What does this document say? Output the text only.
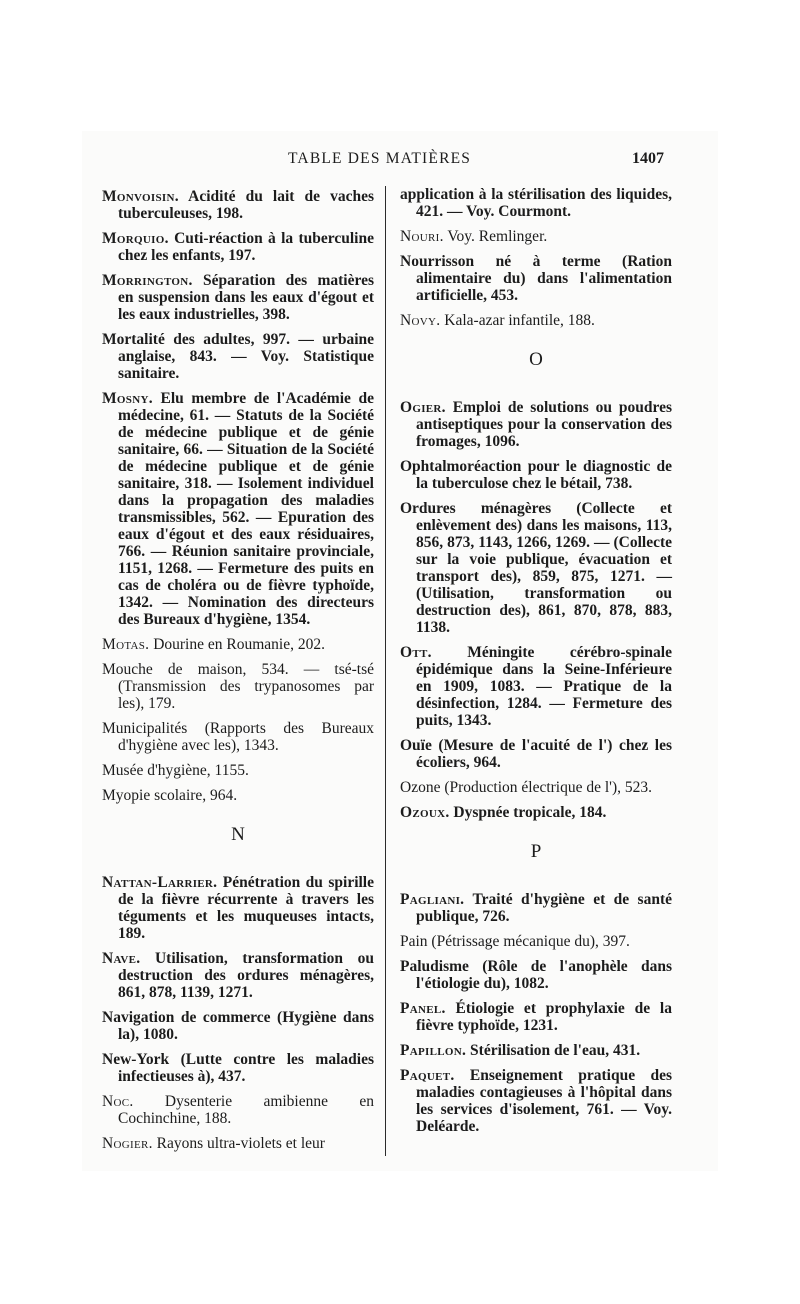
TABLE DES MATIÈRES	1407
Monvoisin. Acidité du lait de vaches tuberculeuses, 198.
Morquio. Cuti-réaction à la tuberculine chez les enfants, 197.
Morrington. Séparation des matières en suspension dans les eaux d'égout et les eaux industrielles, 398.
Mortalité des adultes, 997. — urbaine anglaise, 843. — Voy. Statistique sanitaire.
Mosny. Elu membre de l'Académie de médecine, 61. — Statuts de la Société de médecine publique et de génie sanitaire, 66. — Situation de la Société de médecine publique et de génie sanitaire, 318. — Isolement individuel dans la propagation des maladies transmissibles, 562. — Epuration des eaux d'égout et des eaux résiduaires, 766. — Réunion sanitaire provinciale, 1151, 1268. — Fermeture des puits en cas de choléra ou de fièvre typhoïde, 1342. — Nomination des directeurs des Bureaux d'hygiène, 1354.
Motas. Dourine en Roumanie, 202.
Mouche de maison, 534. — tsé-tsé (Transmission des trypanosomes par les), 179.
Municipalités (Rapports des Bureaux d'hygiène avec les), 1343.
Musée d'hygiène, 1155.
Myopie scolaire, 964.
N
Nattan-Larrier. Pénétration du spirille de la fièvre récurrente à travers les téguments et les muqueuses intacts, 189.
Nave. Utilisation, transformation ou destruction des ordures ménagères, 861, 878, 1139, 1271.
Navigation de commerce (Hygiène dans la), 1080.
New-York (Lutte contre les maladies infectieuses à), 437.
Noc. Dysenterie amibienne en Cochinchine, 188.
Nogier. Rayons ultra-violets et leur
application à la stérilisation des liquides, 421. — Voy. Courmont.
Nouri. Voy. Remlinger.
Nourrisson né à terme (Ration alimentaire du) dans l'alimentation artificielle, 453.
Novy. Kala-azar infantile, 188.
O
Ogier. Emploi de solutions ou poudres antiseptiques pour la conservation des fromages, 1096.
Ophtalmoréaction pour le diagnostic de la tuberculose chez le bétail, 738.
Ordures ménagères (Collecte et enlèvement des) dans les maisons, 113, 856, 873, 1143, 1266, 1269. — (Collecte sur la voie publique, évacuation et transport des), 859, 875, 1271. — (Utilisation, transformation ou destruction des), 861, 870, 878, 883, 1138.
Ott. Méningite cérébro-spinale épidémique dans la Seine-Inférieure en 1909, 1083. — Pratique de la désinfection, 1284. — Fermeture des puits, 1343.
Ouïe (Mesure de l'acuité de l') chez les écoliers, 964.
Ozone (Production électrique de l'), 523.
Ozoux. Dyspnée tropicale, 184.
P
Pagliani. Traité d'hygiène et de santé publique, 726.
Pain (Pétrissage mécanique du), 397.
Paludisme (Rôle de l'anophèle dans l'étiologie du), 1082.
Panel. Étiologie et prophylaxie de la fièvre typhoïde, 1231.
Papillon. Stérilisation de l'eau, 431.
Paquet. Enseignement pratique des maladies contagieuses à l'hôpital dans les services d'isolement, 761. — Voy. Deléarde.
